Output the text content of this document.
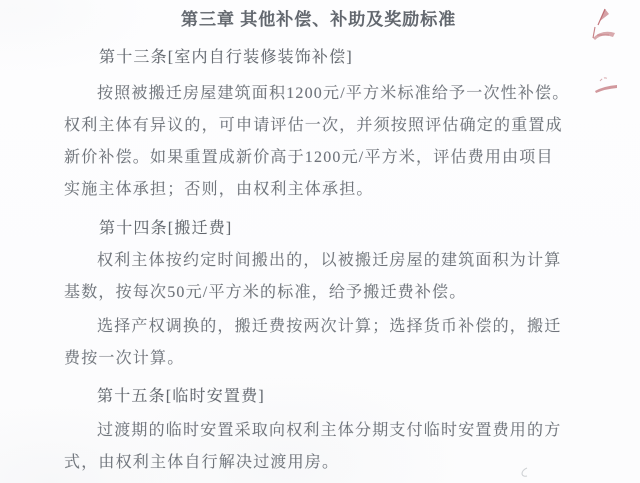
第三章 其他补偿、补助及奖励标准

第十三条[室内自行装修装饰补偿]

按照被搬迁房屋建筑面积1200元/平方米标准给予一次性补偿。

权利主体有异议的，可申请评估一次，并须按照评估确定的重置成

新价补偿。如果重置成新价高于1200元/平方米，评估费用由项目

实施主体承担；否则，由权利主体承担。

第十四条[搬迁费]

权利主体按约定时间搬出的，以被搬迁房屋的建筑面积为计算

基数，按每次50元/平方米的标准，给予搬迁费补偿。

选择产权调换的，搬迁费按两次计算；选择货币补偿的，搬迁

费按一次计算。

第十五条[临时安置费]

过渡期的临时安置采取向权利主体分期支付临时安置费用的方

式，由权利主体自行解决过渡用房。
